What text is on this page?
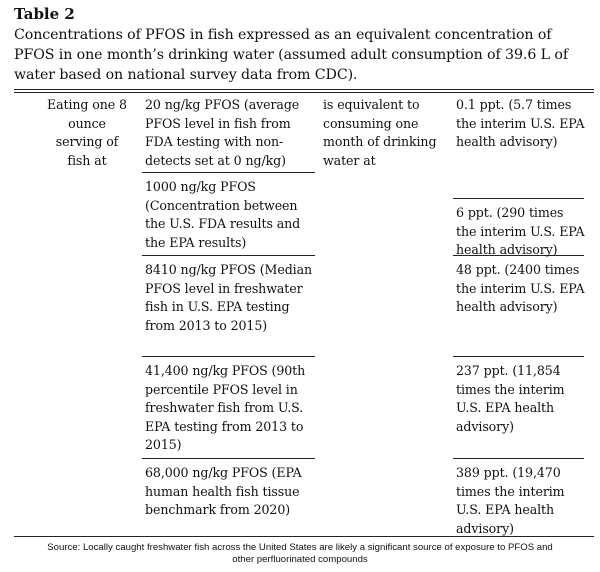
Table 2
Concentrations of PFOS in fish expressed as an equivalent concentration of PFOS in one month’s drinking water (assumed adult consumption of 39.6 L of water based on national survey data from CDC).
Eating one 8 ounce serving of fish at
is equivalent to consuming one month of drinking water at
20 ng/kg PFOS (average PFOS level in fish from FDA testing with non-detects set at 0 ng/kg)
0.1 ppt. (5.7 times the interim U.S. EPA health advisory)
1000 ng/kg PFOS (Concentration between the U.S. FDA results and the EPA results)
6 ppt. (290 times the interim U.S. EPA health advisory)
8410 ng/kg PFOS (Median PFOS level in freshwater fish in U.S. EPA testing from 2013 to 2015)
48 ppt. (2400 times the interim U.S. EPA health advisory)
41,400 ng/kg PFOS (90th percentile PFOS level in freshwater fish from U.S. EPA testing from 2013 to 2015)
237 ppt. (11,854 times the interim U.S. EPA health advisory)
68,000 ng/kg PFOS (EPA human health fish tissue benchmark from 2020)
389 ppt. (19,470 times the interim U.S. EPA health advisory)
Source: Locally caught freshwater fish across the United States are likely a significant source of exposure to PFOS and other perfluorinated compounds
